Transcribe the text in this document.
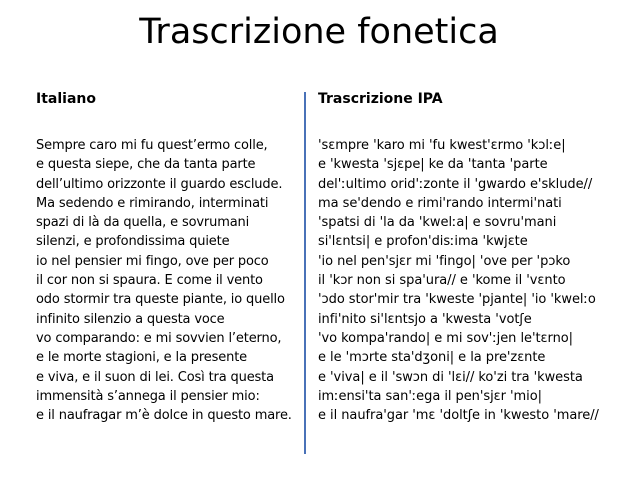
Trascrizione fonetica
Italiano
Sempre caro mi fu quest’ermo colle,
e questa siepe, che da tanta parte
dell’ultimo orizzonte il guardo esclude.
Ma sedendo e rimirando, interminati
spazi di là da quella, e sovrumani
silenzi, e profondissima quiete
io nel pensier mi fingo, ove per poco
il cor non si spaura. E come il vento
odo stormir tra queste piante, io quello
infinito silenzio a questa voce
vo comparando: e mi sovvien l’eterno,
e le morte stagioni, e la presente
e viva, e il suon di lei. Così tra questa
immensità s’annega il pensier mio:
e il naufragar m’è dolce in questo mare.
Trascrizione IPA
'sɛmpre 'karo mi 'fu kwest'ɛrmo 'kɔlːe|
e 'kwesta 'sjɛpe| ke da 'tanta 'parte
del'ːultimo orid'ːzonte il 'gwardo e'sklude//
ma se'dendo e rimi'rando intermi'nati
'spatsi di 'la da 'kwelːa| e sovru'mani
si'lɛntsi| e profon'disːima 'kwjɛte
'io nel pen'sjɛr mi 'fingo| 'ove per 'pɔko
il 'kɔr non si spa'ura// e 'kome il 'vɛnto
'ɔdo stor'mir tra 'kweste 'pjante| 'io 'kwelːo
infi'nito si'lɛntsjo a 'kwesta 'votʃe
'vo kompa'rando| e mi sov'ːjen le'tɛrno|
e le 'mɔrte sta'dʒoni| e la pre'zɛnte
e 'viva| e il 'swɔn di 'lɛi// ko'zi tra 'kwesta
imːensi'ta san'ːega il pen'sjɛr 'mio|
e il naufra'gar 'mɛ 'doltʃe in 'kwesto 'mare//
